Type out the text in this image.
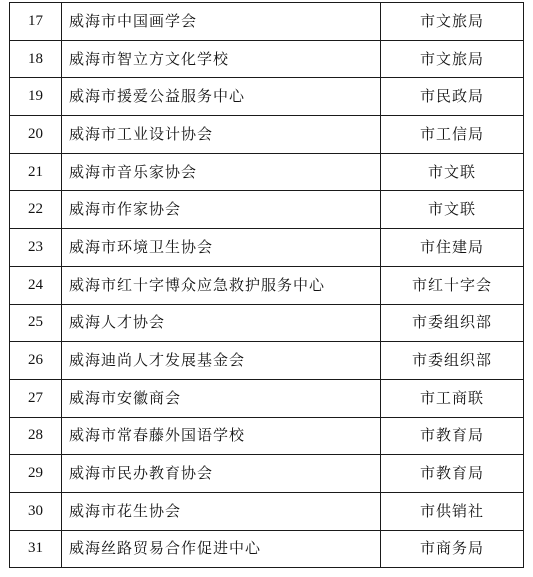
17	威海市中国画学会	市文旅局
18	威海市智立方文化学校	市文旅局
19	威海市援爱公益服务中心	市民政局
20	威海市工业设计协会	市工信局
21	威海市音乐家协会	市文联
22	威海市作家协会	市文联
23	威海市环境卫生协会	市住建局
24	威海市红十字博众应急救护服务中心	市红十字会
25	威海人才协会	市委组织部
26	威海迪尚人才发展基金会	市委组织部
27	威海市安徽商会	市工商联
28	威海市常春藤外国语学校	市教育局
29	威海市民办教育协会	市教育局
30	威海市花生协会	市供销社
31	威海丝路贸易合作促进中心	市商务局
